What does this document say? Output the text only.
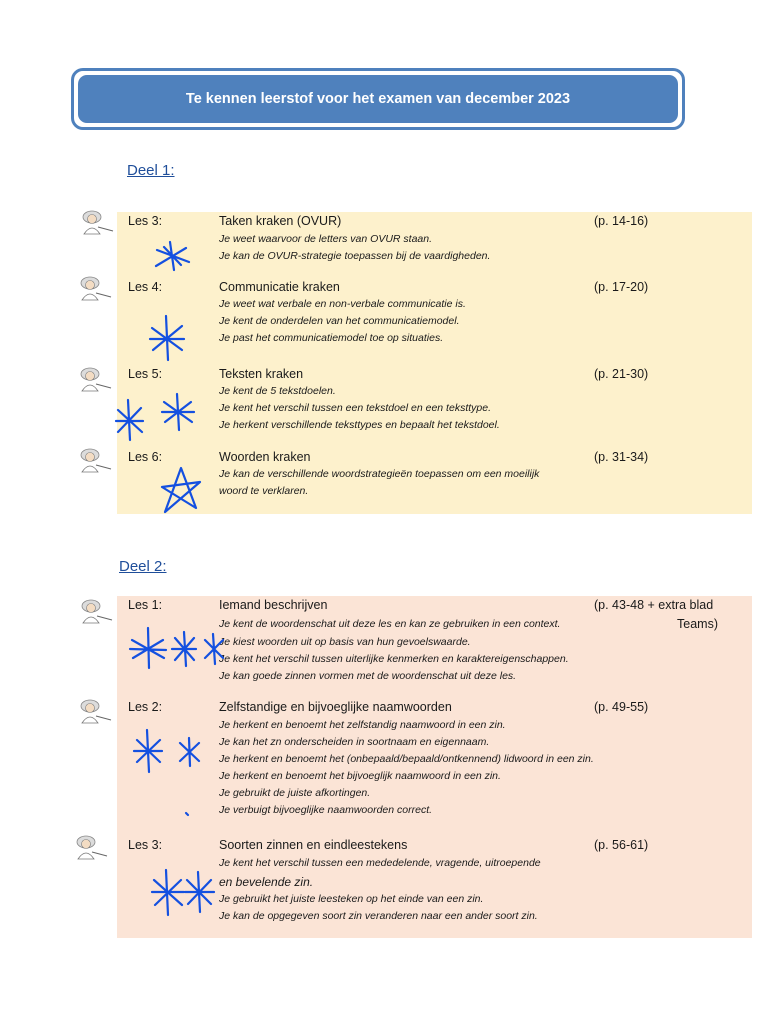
Te kennen leerstof voor het examen van december 2023
Deel 1:
Deel 2:
Les 3:	Taken kraken (OVUR)	(p. 14-16)
Je weet waarvoor de letters van OVUR staan.
Je kan de OVUR-strategie toepassen bij de vaardigheden.
Les 4:	Communicatie kraken	(p. 17-20)
Je weet wat verbale en non-verbale communicatie is.
Je kent de onderdelen van het communicatiemodel.
Je past het communicatiemodel toe op situaties.
Les 5:	Teksten kraken	(p. 21-30)
Je kent de 5 tekstdoelen.
Je kent het verschil tussen een tekstdoel en een teksttype.
Je herkent verschillende teksttypes en bepaalt het tekstdoel.
Les 6:	Woorden kraken	(p. 31-34)
Je kan de verschillende woordstrategieën toepassen om een moeilijk
woord te verklaren.
Les 1:	Iemand beschrijven	(p. 43-48 + extra blad
Teams)
Je kent de woordenschat uit deze les en kan ze gebruiken in een context.
Je kiest woorden uit op basis van hun gevoelswaarde.
Je kent het verschil tussen uiterlijke kenmerken en karaktereigenschappen.
Je kan goede zinnen vormen met de woordenschat uit deze les.
Les 2:	Zelfstandige en bijvoeglijke naamwoorden	(p. 49-55)
Je herkent en benoemt het zelfstandig naamwoord in een zin.
Je kan het zn onderscheiden in soortnaam en eigennaam.
Je herkent en benoemt het (onbepaald/bepaald/ontkennend) lidwoord in een zin.
Je herkent en benoemt het bijvoeglijk naamwoord in een zin.
Je gebruikt de juiste afkortingen.
Je verbuigt bijvoeglijke naamwoorden correct.
Les 3:	Soorten zinnen en eindleestekens	(p. 56-61)
Je kent het verschil tussen een mededelende, vragende, uitroepende
en bevelende zin.
Je gebruikt het juiste leesteken op het einde van een zin.
Je kan de opgegeven soort zin veranderen naar een ander soort zin.
